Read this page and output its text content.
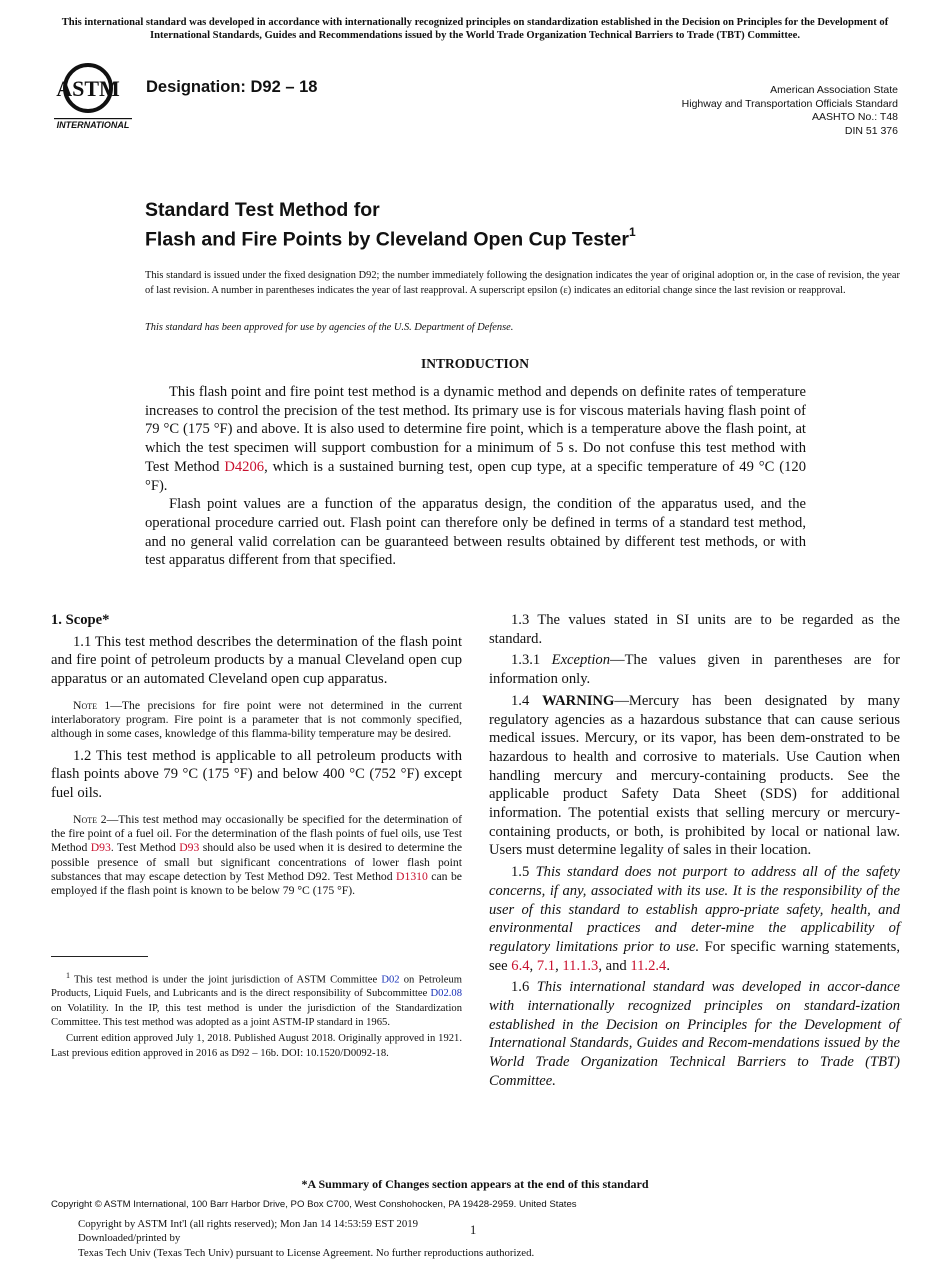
This international standard was developed in accordance with internationally recognized principles on standardization established in the Decision on Principles for the Development of International Standards, Guides and Recommendations issued by the World Trade Organization Technical Barriers to Trade (TBT) Committee.
ASTM
INTERNATIONAL
Designation: D92 – 18	American Association State
Highway and Transportation Officials Standard
AASHTO No.: T48
DIN 51 376
Standard Test Method for
Flash and Fire Points by Cleveland Open Cup Tester$^1$
This standard is issued under the fixed designation D92; the number immediately following the designation indicates the year of original adoption or, in the case of revision, the year of last revision. A number in parentheses indicates the year of last reapproval. A superscript epsilon (ε) indicates an editorial change since the last revision or reapproval.
This standard has been approved for use by agencies of the U.S. Department of Defense.
INTRODUCTION

This flash point and fire point test method is a dynamic method and depends on definite rates of temperature increases to control the precision of the test method. Its primary use is for viscous materials having flash point of 79 °C (175 °F) and above. It is also used to determine fire point, which is a temperature above the flash point, at which the test specimen will support combustion for a minimum of 5 s. Do not confuse this test method with Test Method D4206, which is a sustained burning test, open cup type, at a specific temperature of 49 °C (120 °F).

Flash point values are a function of the apparatus design, the condition of the apparatus used, and the operational procedure carried out. Flash point can therefore only be defined in terms of a standard test method, and no general valid correlation can be guaranteed between results obtained by different test methods, or with test apparatus different from that specified.

1. Scope*

1.1 This test method describes the determination of the flash point and fire point of petroleum products by a manual Cleveland open cup apparatus or an automated Cleveland open cup apparatus.

Note 1—The precisions for fire point were not determined in the current interlaboratory program. Fire point is a parameter that is not commonly specified, although in some cases, knowledge of this flamma-bility temperature may be desired.

1.2 This test method is applicable to all petroleum products with flash points above 79 °C (175 °F) and below 400 °C (752 °F) except fuel oils.

Note 2—This test method may occasionally be specified for the determination of the fire point of a fuel oil. For the determination of the flash points of fuel oils, use Test Method D93. Test Method D93 should also be used when it is desired to determine the possible presence of small but significant concentrations of lower flash point substances that may escape detection by Test Method D92. Test Method D1310 can be employed if the flash point is known to be below 79 °C (175 °F).
$^1$ This test method is under the joint jurisdiction of ASTM Committee D02 on Petroleum Products, Liquid Fuels, and Lubricants and is the direct responsibility of Subcommittee D02.08 on Volatility. In the IP, this test method is under the jurisdiction of the Standardization Committee. This test method was adopted as a joint ASTM-IP standard in 1965.
Current edition approved July 1, 2018. Published August 2018. Originally approved in 1921. Last previous edition approved in 2016 as D92 – 16b. DOI: 10.1520/D0092-18.

1.3 The values stated in SI units are to be regarded as the standard.

1.3.1 Exception—The values given in parentheses are for information only.

1.4 WARNING—Mercury has been designated by many regulatory agencies as a hazardous substance that can cause serious medical issues. Mercury, or its vapor, has been dem-onstrated to be hazardous to health and corrosive to materials. Use Caution when handling mercury and mercury-containing products. See the applicable product Safety Data Sheet (SDS) for additional information. The potential exists that selling mercury or mercury-containing products, or both, is prohibited by local or national law. Users must determine legality of sales in their location.

1.5 This standard does not purport to address all of the safety concerns, if any, associated with its use. It is the responsibility of the user of this standard to establish appro-priate safety, health, and environmental practices and deter-mine the applicability of regulatory limitations prior to use. For specific warning statements, see 6.4, 7.1, 11.1.3, and 11.2.4.

1.6 This international standard was developed in accor-dance with internationally recognized principles on standard-ization established in the Decision on Principles for the Development of International Standards, Guides and Recom-mendations issued by the World Trade Organization Technical Barriers to Trade (TBT) Committee.

*A Summary of Changes section appears at the end of this standard
Copyright © ASTM International, 100 Barr Harbor Drive, PO Box C700, West Conshohocken, PA 19428-2959. United States
Copyright by ASTM Int'l (all rights reserved); Mon Jan 14 14:53:59 EST 2019
Downloaded/printed by
Texas Tech Univ (Texas Tech Univ) pursuant to License Agreement. No further reproductions authorized.
1
